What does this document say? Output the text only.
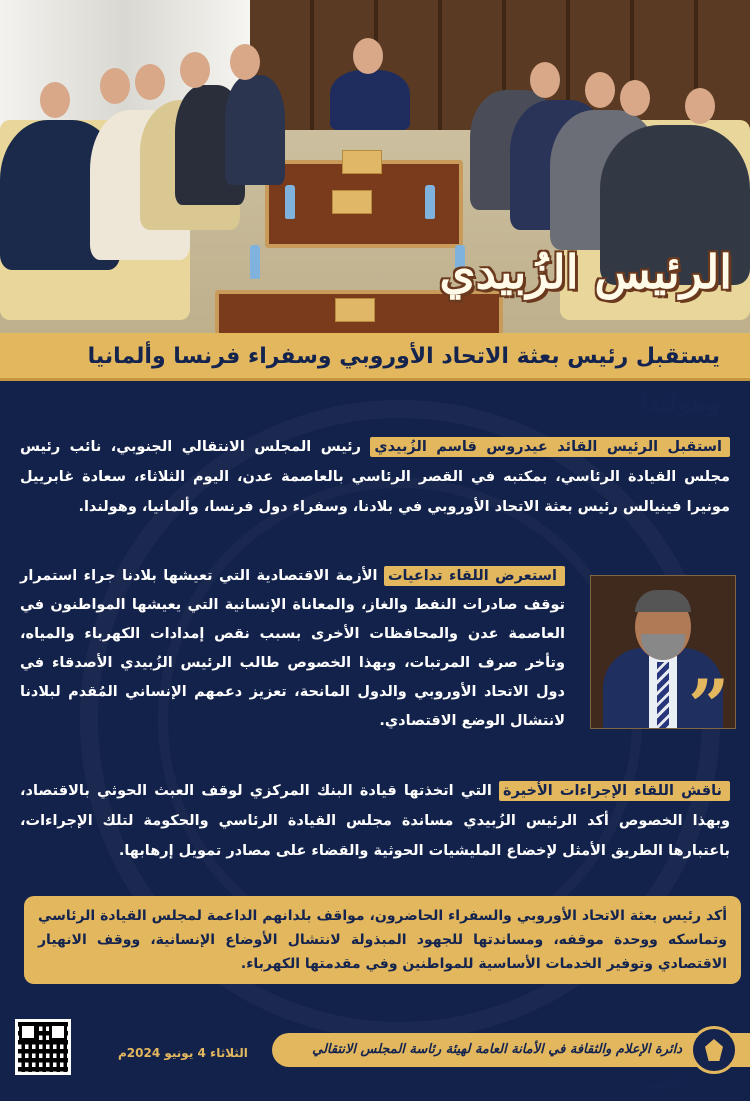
الرئيس الزُبيدي
يستقبل رئيس بعثة الاتحاد الأوروبي وسفراء فرنسا وألمانيا وهولندا

استقبل الرئيس القائد عيدروس قاسم الزُبيدي رئيس المجلس الانتقالي الجنوبي، نائب رئيس مجلس القيادة الرئاسي، بمكتبه في القصر الرئاسي بالعاصمة عدن، اليوم الثلاثاء، سعادة غابرييل مونيرا فينيالس رئيس بعثة الاتحاد الأوروبي في بلادنا، وسفراء دول فرنسا، وألمانيا، وهولندا.

استعرض اللقاء تداعيات الأزمة الاقتصادية التي تعيشها بلادنا جراء استمرار توقف صادرات النفط والغاز، والمعاناة الإنسانية التي يعيشها المواطنون في العاصمة عدن والمحافظات الأخرى بسبب نقص إمدادات الكهرباء والمياه، وتأخر صرف المرتبات، وبهذا الخصوص طالب الرئيس الزُبيدي الأصدقاء في دول الاتحاد الأوروبي والدول المانحة، تعزيز دعمهم الإنساني المُقدم لبلادنا لانتشال الوضع الاقتصادي. ”

ناقش اللقاء الإجراءات الأخيرة التي اتخذتها قيادة البنك المركزي لوقف العبث الحوثي بالاقتصاد، وبهذا الخصوص أكد الرئيس الزُبيدي مساندة مجلس القيادة الرئاسي والحكومة لتلك الإجراءات، باعتبارها الطريق الأمثل لإخضاع المليشيات الحوثية والقضاء على مصادر تمويل إرهابها.

أكد رئيس بعثة الاتحاد الأوروبي والسفراء الحاضرون، مواقف بلدانهم الداعمة لمجلس القيادة الرئاسي وتماسكه ووحدة موقفه، ومساندتها للجهود المبذولة لانتشال الأوضاع الإنسانية، ووقف الانهيار الاقتصادي وتوفير الخدمات الأساسية للمواطنين وفي مقدمتها الكهرباء.

الثلاثاء 4 يونيو 2024م	دائرة الإعلام والثقافة في الأمانة العامة لهيئة رئاسة المجلس الانتقالي الجنوبي
